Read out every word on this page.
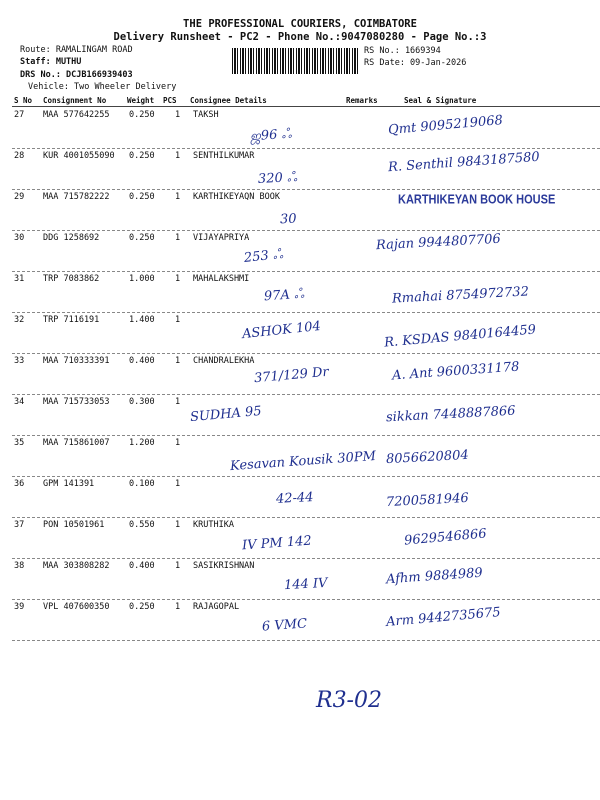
THE PROFESSIONAL COURIERS, COIMBATORE
Delivery Runsheet - PC2 - Phone No.:9047080280 - Page No.:3
Route: RAMALINGAM ROAD
Staff: MUTHU
DRS No.: DCJB166939403
Vehicle: Two Wheeler Delivery
RS No.: 1669394
RS Date: 09-Jan-2026
S No Consignment No	Weight PCS Consignee Details	Remarks	Seal & Signature
27 MAA 577642255 0.250 1 TAKSH
ஜ96 ஃ	Qmt 9095219068
28 KUR 4001055090 0.250 1 SENTHILKUMAR
320 ஃ
R. Senthil 9843187580
29 MAA 715782222 0.250 1 KARTHIKEYAQN BOOK
30
KARTHIKEYAN BOOK HOUSE
30 DDG 1258692	0.250 1 VIJAYAPRIYA
253 ஃ
Rajan 9944807706
31 TRP 7083862	1.000 1 MAHALAKSHMI
97A ஃ	Rmahai 8754972732
32 TRP 7116191	1.400 1	ASHOK 104	R. KSDAS 9840164459
33 MAA 710333391 0.400 1 CHANDRALEKHA
371/129 Dr	A. Ant 9600331178
34 MAA 715733053 0.300 1
SUDHA 95	sikkan 7448887866
35 MAA 715861007 1.200 1
Kesavan Kousik 30PM 8056620804
36 GPM 141391	0.100 1
42-44	7200581946
37 PON 10501961	0.550 1 KRUTHIKA
IV PM 142	9629546866
38 MAA 303808282 0.400 1 SASIKRISHNAN
144 IV	Afhm 9884989
39 VPL 407600350 0.250 1 RAJAGOPAL
6 VMC	Arm 9442735675
R3-02
